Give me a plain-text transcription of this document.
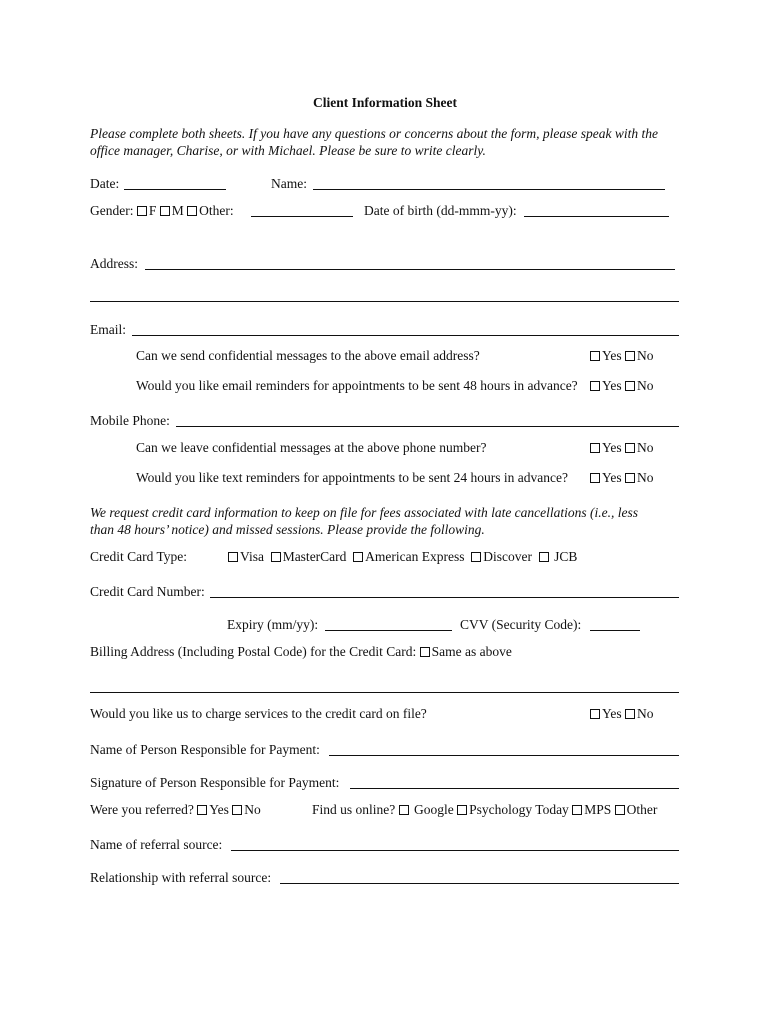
Client Information Sheet
Please complete both sheets. If you have any questions or concerns about the form, please speak with the
office manager, Charise, or with Michael. Please be sure to write clearly.
Date:	Name:
Gender: F M Other:	Date of birth (dd-mmm-yy):
Address:
Email:
Can we send confidential messages to the above email address?	Yes No
Would you like email reminders for appointments to be sent 48 hours in advance?	Yes No
Mobile Phone:
Can we leave confidential messages at the above phone number?	Yes No
Would you like text reminders for appointments to be sent 24 hours in advance?	Yes No
We request credit card information to keep on file for fees associated with late cancellations (i.e., less
than 48 hours’ notice) and missed sessions. Please provide the following.
Credit Card Type:	Visa MasterCard American Express Discover JCB
Credit Card Number:
Expiry (mm/yy):	CVV (Security Code):
Billing Address (Including Postal Code) for the Credit Card: Same as above
Would you like us to charge services to the credit card on file?	Yes No
Name of Person Responsible for Payment:
Signature of Person Responsible for Payment:
Were you referred? Yes No	Find us online? Google Psychology Today MPS Other
Name of referral source:
Relationship with referral source:
